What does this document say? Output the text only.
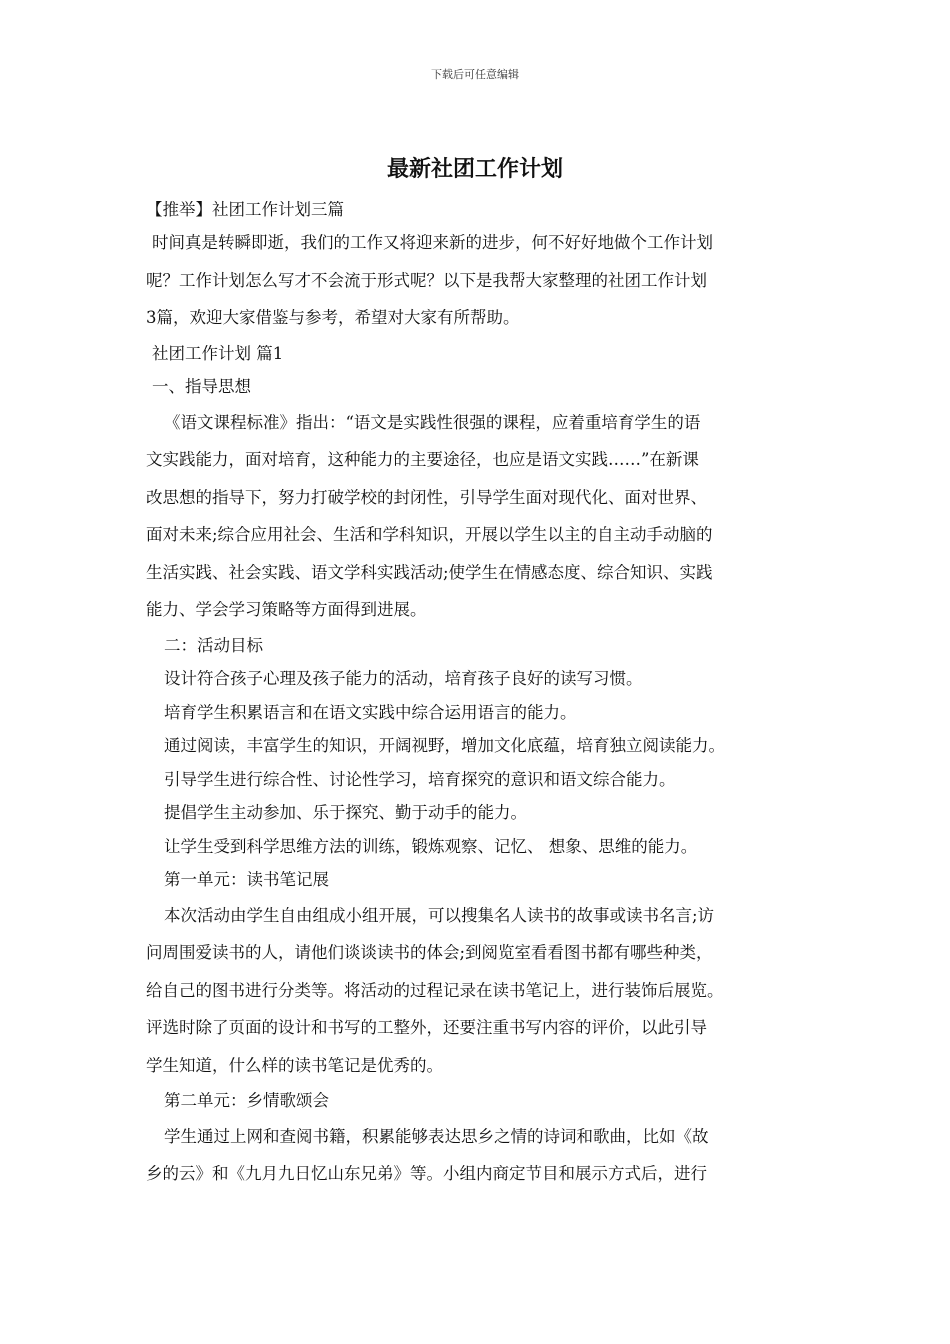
下载后可任意编辑
最新社团工作计划
【推举】社团工作计划三篇
时间真是转瞬即逝，我们的工作又将迎来新的进步，何不好好地做个工作计划
呢？工作计划怎么写才不会流于形式呢？以下是我帮大家整理的社团工作计划
3篇，欢迎大家借鉴与参考，希望对大家有所帮助。
社团工作计划 篇1
一、指导思想
《语文课程标准》指出：“语文是实践性很强的课程，应着重培育学生的语
文实践能力，面对培育，这种能力的主要途径，也应是语文实践……”在新课
改思想的指导下，努力打破学校的封闭性，引导学生面对现代化、面对世界、
面对未来;综合应用社会、生活和学科知识，开展以学生以主的自主动手动脑的
生活实践、社会实践、语文学科实践活动;使学生在情感态度、综合知识、实践
能力、学会学习策略等方面得到进展。
二：活动目标
设计符合孩子心理及孩子能力的活动，培育孩子良好的读写习惯。
培育学生积累语言和在语文实践中综合运用语言的能力。
通过阅读，丰富学生的知识，开阔视野，增加文化底蕴，培育独立阅读能力。
引导学生进行综合性、讨论性学习，培育探究的意识和语文综合能力。
提倡学生主动参加、乐于探究、勤于动手的能力。
让学生受到科学思维方法的训练，锻炼观察、记忆、 想象、思维的能力。
第一单元：读书笔记展
本次活动由学生自由组成小组开展，可以搜集名人读书的故事或读书名言;访
问周围爱读书的人，请他们谈谈读书的体会;到阅览室看看图书都有哪些种类，
给自己的图书进行分类等。将活动的过程记录在读书笔记上，进行装饰后展览。
评选时除了页面的设计和书写的工整外，还要注重书写内容的评价，以此引导
学生知道，什么样的读书笔记是优秀的。
第二单元：乡情歌颂会
学生通过上网和查阅书籍，积累能够表达思乡之情的诗词和歌曲，比如《故
乡的云》和《九月九日忆山东兄弟》等。小组内商定节目和展示方式后，进行
